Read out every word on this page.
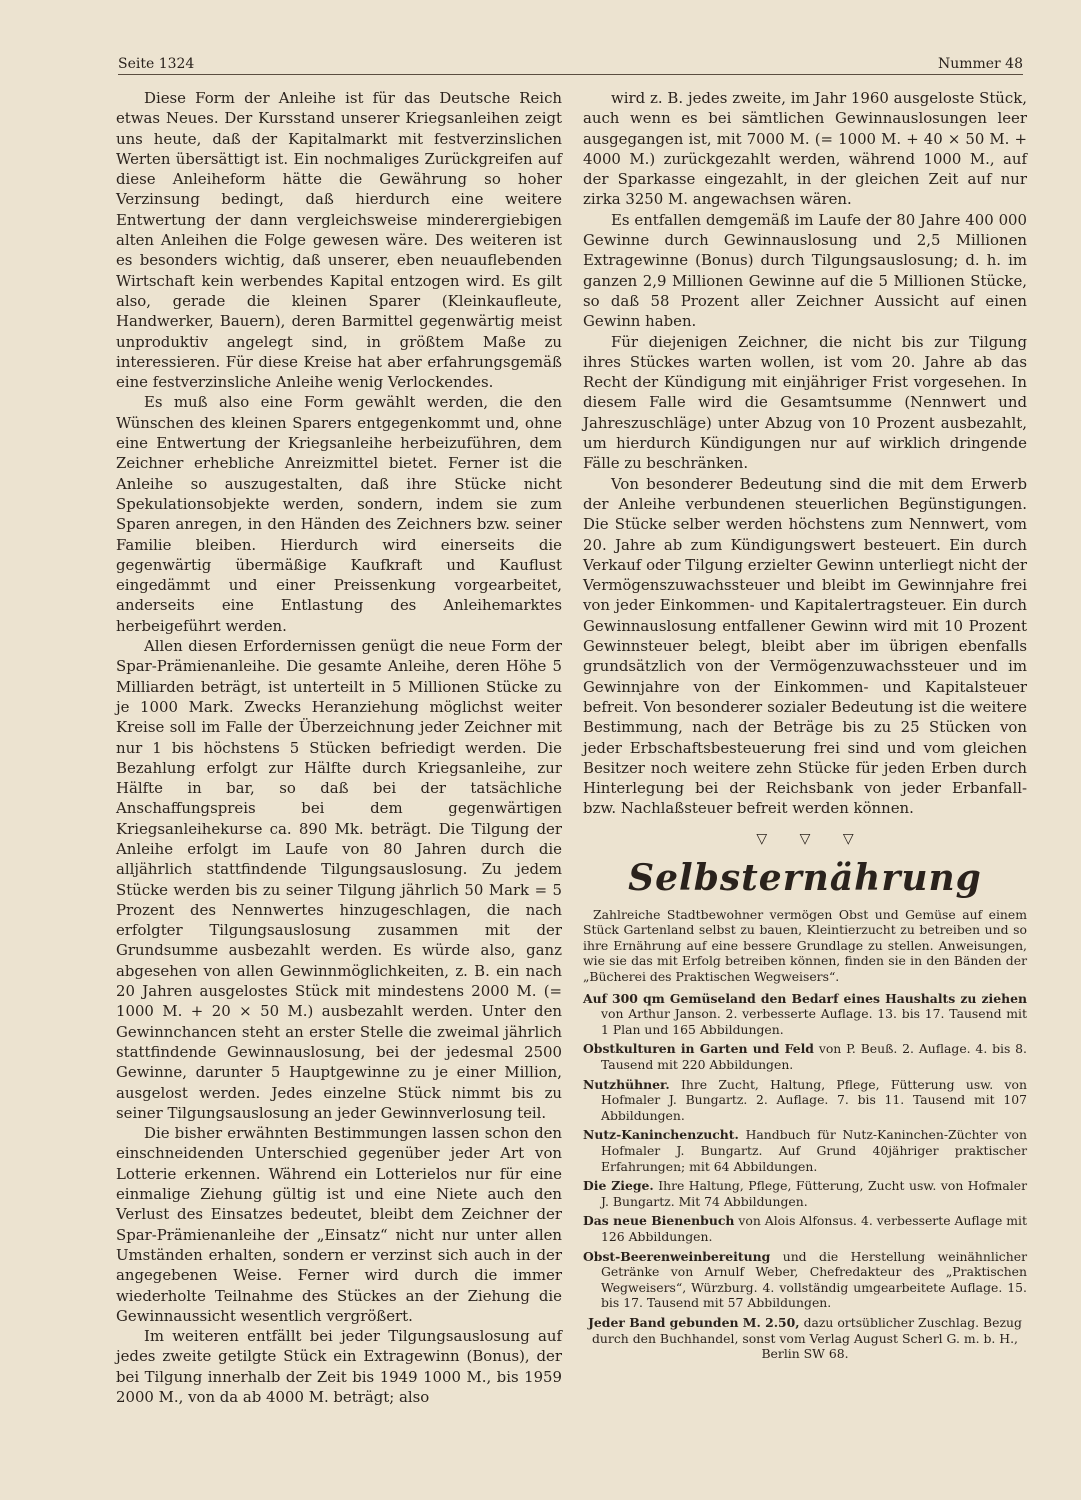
Seite 1324	Nummer 48

Diese Form der Anleihe ist für das Deutsche Reich etwas Neues. Der Kursstand unserer Kriegsanleihen zeigt uns heute, daß der Kapitalmarkt mit festverzinslichen Werten übersättigt ist. Ein nochmaliges Zurückgreifen auf diese Anleiheform hätte die Gewährung so hoher Verzinsung bedingt, daß hierdurch eine weitere Entwertung der dann vergleichsweise minderergiebigen alten Anleihen die Folge gewesen wäre. Des weiteren ist es besonders wichtig, daß unserer, eben neuauflebenden Wirtschaft kein werbendes Kapital entzogen wird. Es gilt also, gerade die kleinen Sparer (Kleinkaufleute, Handwerker, Bauern), deren Barmittel gegenwärtig meist unproduktiv angelegt sind, in größtem Maße zu interessieren. Für diese Kreise hat aber erfahrungsgemäß eine festverzinsliche Anleihe wenig Verlockendes.

Es muß also eine Form gewählt werden, die den Wünschen des kleinen Sparers entgegenkommt und, ohne eine Entwertung der Kriegsanleihe herbeizuführen, dem Zeichner erhebliche Anreizmittel bietet. Ferner ist die Anleihe so auszugestalten, daß ihre Stücke nicht Spekulationsobjekte werden, sondern, indem sie zum Sparen anregen, in den Händen des Zeichners bzw. seiner Familie bleiben. Hierdurch wird einerseits die gegenwärtig übermäßige Kaufkraft und Kauflust eingedämmt und einer Preissenkung vorgearbeitet, anderseits eine Entlastung des Anleihemarktes herbeigeführt werden.

Allen diesen Erfordernissen genügt die neue Form der Spar-Prämienanleihe. Die gesamte Anleihe, deren Höhe 5 Milliarden beträgt, ist unterteilt in 5 Millionen Stücke zu je 1000 Mark. Zwecks Heranziehung möglichst weiter Kreise soll im Falle der Überzeichnung jeder Zeichner mit nur 1 bis höchstens 5 Stücken befriedigt werden. Die Bezahlung erfolgt zur Hälfte durch Kriegsanleihe, zur Hälfte in bar, so daß bei der tatsächliche Anschaffungspreis bei dem gegenwärtigen Kriegsanleihekurse ca. 890 Mk. beträgt. Die Tilgung der Anleihe erfolgt im Laufe von 80 Jahren durch die alljährlich stattfindende Tilgungsauslosung. Zu jedem Stücke werden bis zu seiner Tilgung jährlich 50 Mark = 5 Prozent des Nennwertes hinzugeschlagen, die nach erfolgter Tilgungsauslosung zusammen mit der Grundsumme ausbezahlt werden. Es würde also, ganz abgesehen von allen Gewinnmöglichkeiten, z. B. ein nach 20 Jahren ausgelostes Stück mit mindestens 2000 M. (= 1000 M. + 20 × 50 M.) ausbezahlt werden. Unter den Gewinnchancen steht an erster Stelle die zweimal jährlich stattfindende Gewinnauslosung, bei der jedesmal 2500 Gewinne, darunter 5 Hauptgewinne zu je einer Million, ausgelost werden. Jedes einzelne Stück nimmt bis zu seiner Tilgungsauslosung an jeder Gewinnverlosung teil.

Die bisher erwähnten Bestimmungen lassen schon den einschneidenden Unterschied gegenüber jeder Art von Lotterie erkennen. Während ein Lotterielos nur für eine einmalige Ziehung gültig ist und eine Niete auch den Verlust des Einsatzes bedeutet, bleibt dem Zeichner der Spar-Prämienanleihe der „Einsatz“ nicht nur unter allen Umständen erhalten, sondern er verzinst sich auch in der angegebenen Weise. Ferner wird durch die immer wiederholte Teilnahme des Stückes an der Ziehung die Gewinnaussicht wesentlich vergrößert.

Im weiteren entfällt bei jeder Tilgungsauslosung auf jedes zweite getilgte Stück ein Extragewinn (Bonus), der bei Tilgung innerhalb der Zeit bis 1949 1000 M., bis 1959 2000 M., von da ab 4000 M. beträgt; also

wird z. B. jedes zweite, im Jahr 1960 ausgeloste Stück, auch wenn es bei sämtlichen Gewinnauslosungen leer ausgegangen ist, mit 7000 M. (= 1000 M. + 40 × 50 M. + 4000 M.) zurückgezahlt werden, während 1000 M., auf der Sparkasse eingezahlt, in der gleichen Zeit auf nur zirka 3250 M. angewachsen wären.

Es entfallen demgemäß im Laufe der 80 Jahre 400 000 Gewinne durch Gewinnauslosung und 2,5 Millionen Extragewinne (Bonus) durch Tilgungsauslosung; d. h. im ganzen 2,9 Millionen Gewinne auf die 5 Millionen Stücke, so daß 58 Prozent aller Zeichner Aussicht auf einen Gewinn haben.

Für diejenigen Zeichner, die nicht bis zur Tilgung ihres Stückes warten wollen, ist vom 20. Jahre ab das Recht der Kündigung mit einjähriger Frist vorgesehen. In diesem Falle wird die Gesamtsumme (Nennwert und Jahreszuschläge) unter Abzug von 10 Prozent ausbezahlt, um hierdurch Kündigungen nur auf wirklich dringende Fälle zu beschränken.

Von besonderer Bedeutung sind die mit dem Erwerb der Anleihe verbundenen steuerlichen Begünstigungen. Die Stücke selber werden höchstens zum Nennwert, vom 20. Jahre ab zum Kündigungswert besteuert. Ein durch Verkauf oder Tilgung erzielter Gewinn unterliegt nicht der Vermögenszuwachssteuer und bleibt im Gewinnjahre frei von jeder Einkommen- und Kapitalertragsteuer. Ein durch Gewinnauslosung entfallener Gewinn wird mit 10 Prozent Gewinnsteuer belegt, bleibt aber im übrigen ebenfalls grundsätzlich von der Vermögenzuwachssteuer und im Gewinnjahre von der Einkommen- und Kapitalsteuer befreit. Von besonderer sozialer Bedeutung ist die weitere Bestimmung, nach der Beträge bis zu 25 Stücken von jeder Erbschaftsbesteuerung frei sind und vom gleichen Besitzer noch weitere zehn Stücke für jeden Erben durch Hinterlegung bei der Reichsbank von jeder Erbanfall- bzw. Nachlaßsteuer befreit werden können.

▽ ▽ ▽
Selbsternährung

Zahlreiche Stadtbewohner vermögen Obst und Gemüse auf einem Stück Gartenland selbst zu bauen, Kleintierzucht zu betreiben und so ihre Ernährung auf eine bessere Grundlage zu stellen. Anweisungen, wie sie das mit Erfolg betreiben können, finden sie in den Bänden der „Bücherei des Praktischen Wegweisers“.

Auf 300 qm Gemüseland den Bedarf eines Haushalts zu ziehen von Arthur Janson. 2. verbesserte Auflage. 13. bis 17. Tausend mit 1 Plan und 165 Abbildungen.

Obstkulturen in Garten und Feld von P. Beuß. 2. Auflage. 4. bis 8. Tausend mit 220 Abbildungen.

Nutzhühner. Ihre Zucht, Haltung, Pflege, Fütterung usw. von Hofmaler J. Bungartz. 2. Auflage. 7. bis 11. Tausend mit 107 Abbildungen.

Nutz-Kaninchenzucht. Handbuch für Nutz-Kaninchen-Züchter von Hofmaler J. Bungartz. Auf Grund 40jähriger praktischer Erfahrungen; mit 64 Abbildungen.

Die Ziege. Ihre Haltung, Pflege, Fütterung, Zucht usw. von Hofmaler J. Bungartz. Mit 74 Abbildungen.

Das neue Bienenbuch von Alois Alfonsus. 4. verbesserte Auflage mit 126 Abbildungen.

Obst-Beerenweinbereitung und die Herstellung weinähnlicher Getränke von Arnulf Weber, Chefredakteur des „Praktischen Wegweisers“, Würzburg. 4. vollständig umgearbeitete Auflage. 15. bis 17. Tausend mit 57 Abbildungen.

Jeder Band gebunden M. 2.50, dazu ortsüblicher Zuschlag. Bezug durch den Buchhandel, sonst vom Verlag August Scherl G. m. b. H., Berlin SW 68.
